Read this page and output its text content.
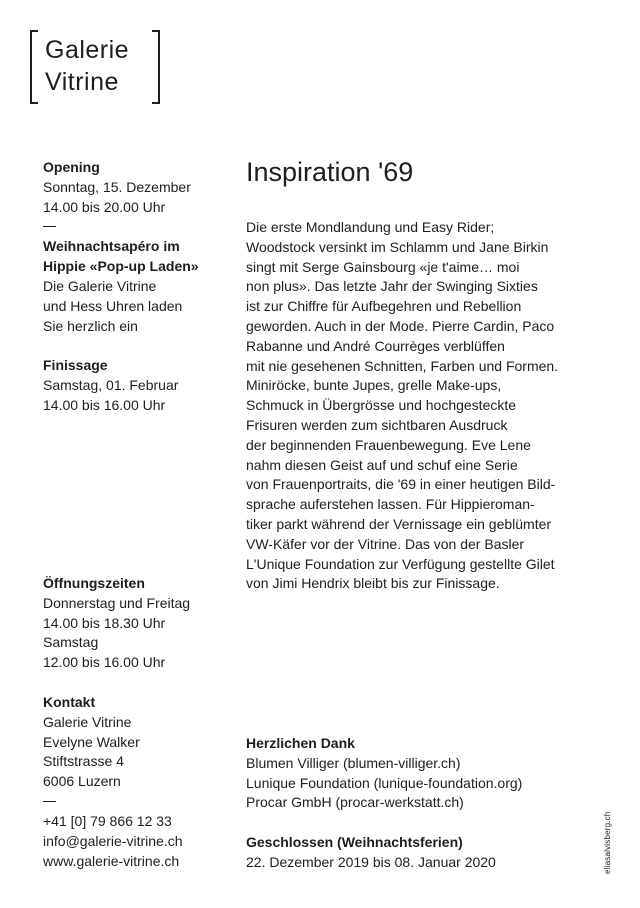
Galerie
Vitrine
Opening
Sonntag, 15. Dezember
14.00 bis 20.00 Uhr
Weihnachtsapéro im
Hippie «Pop-up Laden»
Die Galerie Vitrine
und Hess Uhren laden
Sie herzlich ein
Finissage
Samstag, 01. Februar
14.00 bis 16.00 Uhr
Öffnungszeiten
Donnerstag und Freitag
14.00 bis 18.30 Uhr
Samstag
12.00 bis 16.00 Uhr
Kontakt
Galerie Vitrine
Evelyne Walker
Stiftstrasse 4
6006 Luzern
+41 [0] 79 866 12 33
info@galerie-vitrine.ch
www.galerie-vitrine.ch
Inspiration '69
Die erste Mondlandung und Easy Rider;
Woodstock versinkt im Schlamm und Jane Birkin
singt mit Serge Gainsbourg «je t'aime… moi
non plus». Das letzte Jahr der Swinging Sixties
ist zur Chiffre für Aufbegehren und Rebellion
geworden. Auch in der Mode. Pierre Cardin, Paco
Rabanne und André Courrèges verblüffen
mit nie gesehenen Schnitten, Farben und Formen.
Miniröcke, bunte Jupes, grelle Make-ups,
Schmuck in Übergrösse und hochgesteckte
Frisuren werden zum sichtbaren Ausdruck
der beginnenden Frauenbewegung. Eve Lene
nahm diesen Geist auf und schuf eine Serie
von Frauenportraits, die '69 in einer heutigen Bild-
sprache auferstehen lassen. Für Hippieroman-
tiker parkt während der Vernissage ein geblümter
VW-Käfer vor der Vitrine. Das von der Basler
L'Unique Foundation zur Verfügung gestellte Gilet
von Jimi Hendrix bleibt bis zur Finissage.
Herzlichen Dank
Blumen Villiger (blumen-villiger.ch)
Lunique Foundation (lunique-foundation.org)
Procar GmbH (procar-werkstatt.ch)
Geschlossen (Weihnachtsferien)
22. Dezember 2019 bis 08. Januar 2020	eliasalvisberg.ch
